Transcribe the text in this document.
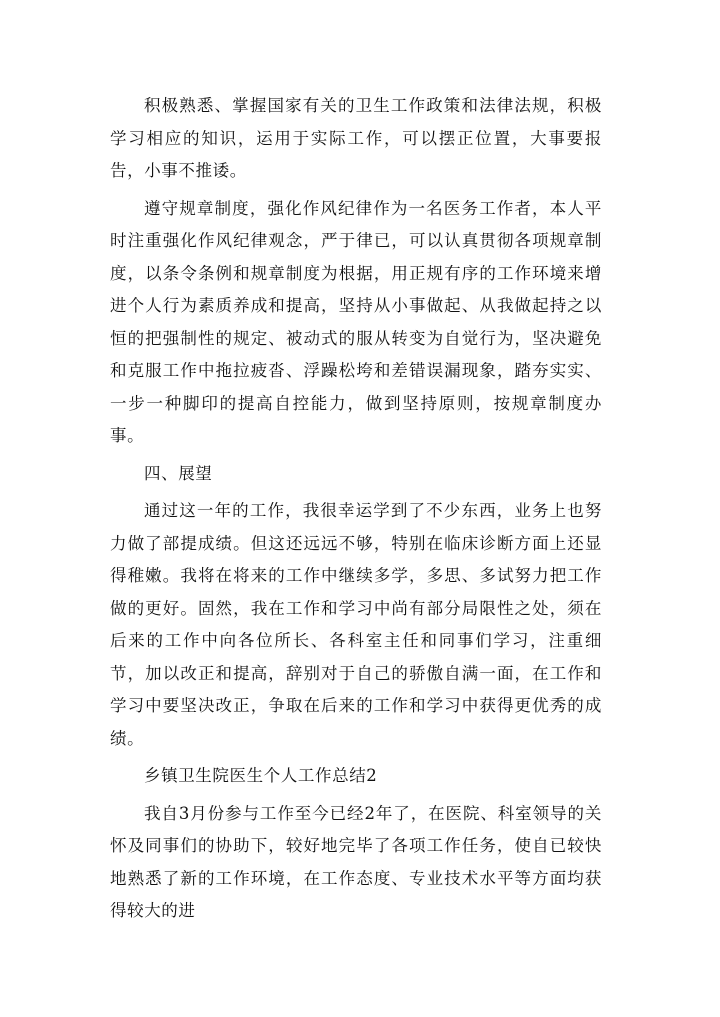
积极熟悉、掌握国家有关的卫生工作政策和法律法规，积极学习相应的知识，运用于实际工作，可以摆正位置，大事要报告，小事不推诿。

遵守规章制度，强化作风纪律作为一名医务工作者，本人平时注重强化作风纪律观念，严于律已，可以认真贯彻各项规章制度，以条令条例和规章制度为根据，用正规有序的工作环境来增进个人行为素质养成和提高，坚持从小事做起、从我做起持之以恒的把强制性的规定、被动式的服从转变为自觉行为，坚决避免和克服工作中拖拉疲沓、浮躁松垮和差错误漏现象，踏夯实实、一步一种脚印的提高自控能力，做到坚持原则，按规章制度办事。

四、展望

通过这一年的工作，我很幸运学到了不少东西，业务上也努力做了部提成绩。但这还远远不够，特别在临床诊断方面上还显得稚嫩。我将在将来的工作中继续多学，多思、多试努力把工作做的更好。固然，我在工作和学习中尚有部分局限性之处，须在后来的工作中向各位所长、各科室主任和同事们学习，注重细节，加以改正和提高，辞别对于自己的骄傲自满一面，在工作和学习中要坚决改正，争取在后来的工作和学习中获得更优秀的成绩。

乡镇卫生院医生个人工作总结2

我自3月份参与工作至今已经2年了，在医院、科室领导的关怀及同事们的协助下，较好地完毕了各项工作任务，使自已较快地熟悉了新的工作环境，在工作态度、专业技术水平等方面均获得较大的进
